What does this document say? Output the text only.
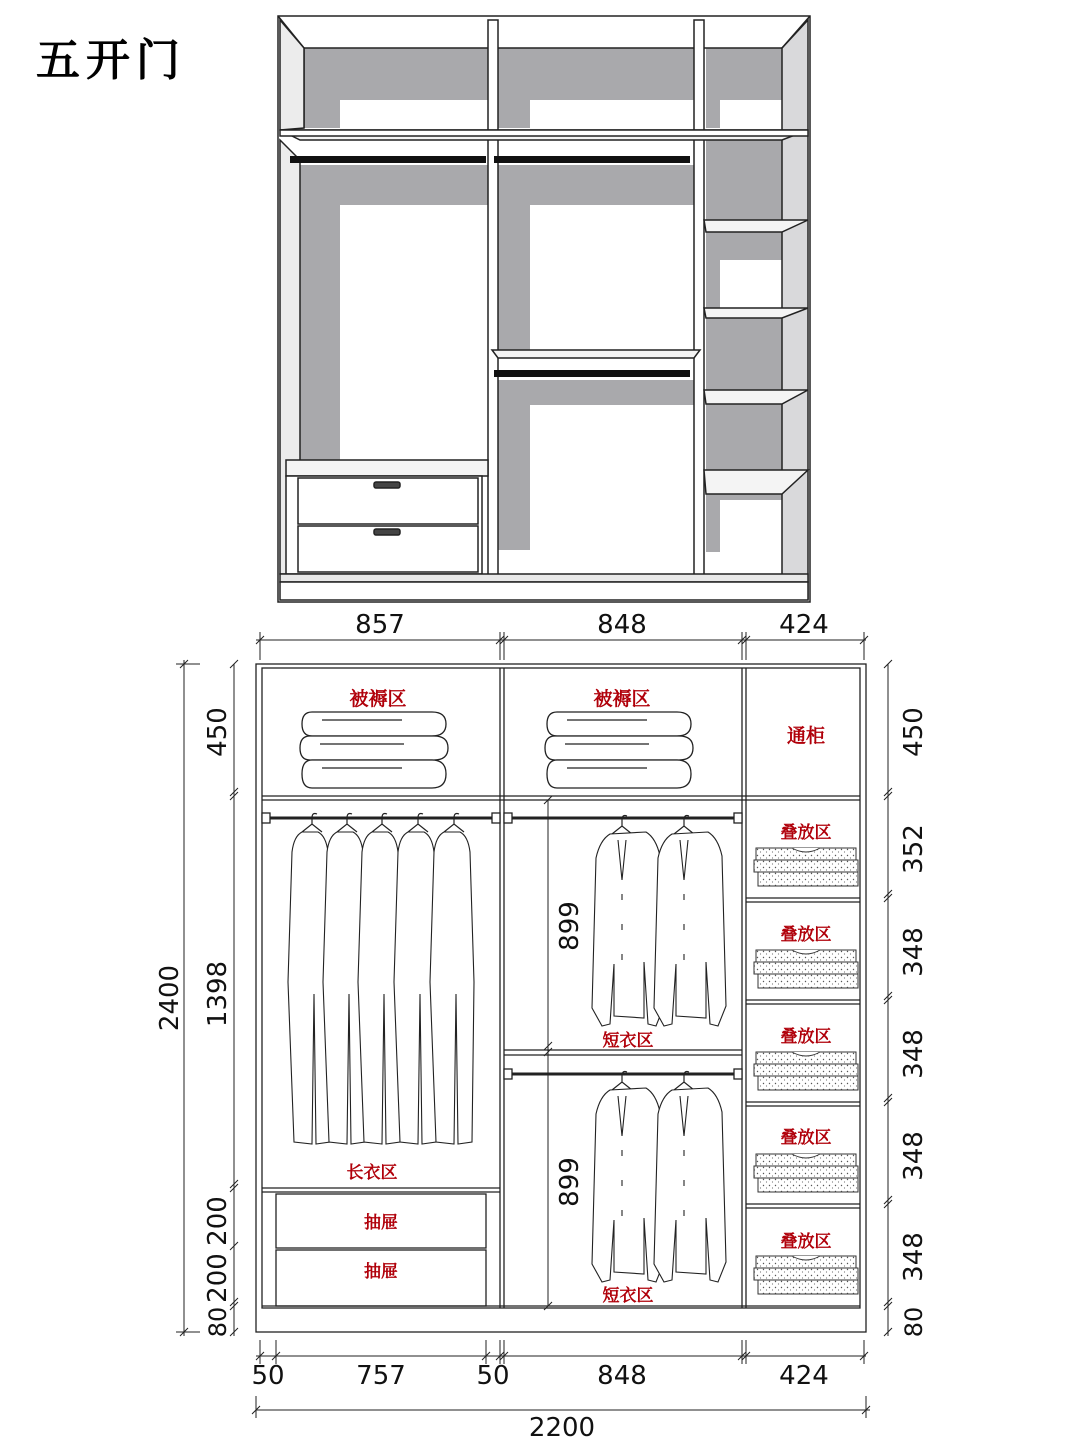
五开门
被褥区	被褥区
通柜
长衣区
短衣区
短衣区
抽屉
抽屉
叠放区
叠放区
叠放区
叠放区
叠放区
857	848	424
50	757	50	848	424
2200
2400
450
1398
200
200
80
450
352
348
348
348
348
80
899
899
